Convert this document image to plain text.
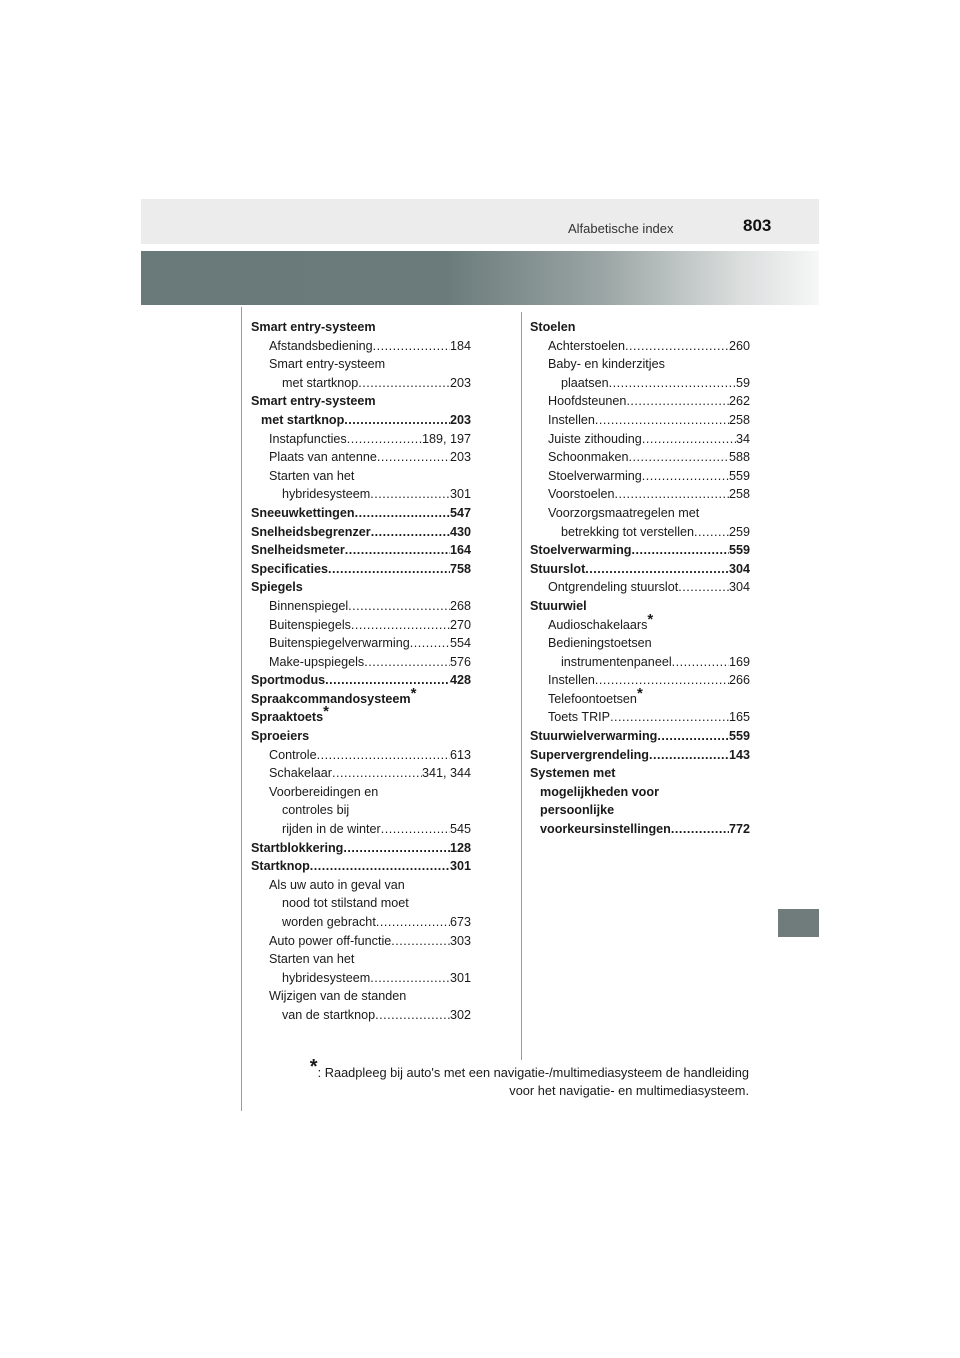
Alfabetische index	803
Smart entry-systeem
Afstandsbediening .....	184
Smart entry-systeem
met startknop .....	203
Smart entry-systeem
met startknop .....	203
Instapfuncties .....	189, 197
Plaats van antenne .....	203
Starten van het
hybridesysteem .....	301
Sneeuwkettingen .....	547
Snelheidsbegrenzer .....	430
Snelheidsmeter .....	164
Specificaties .....	758
Spiegels
Binnenspiegel .....	268
Buitenspiegels .....	270
Buitenspiegelverwarming .....	554
Make-upspiegels .....	576
Sportmodus .....	428
Spraakcommandosysteem*
Spraaktoets*
Sproeiers
Controle .....	613
Schakelaar .....	341, 344
Voorbereidingen en
controles bij
rijden in de winter .....	545
Startblokkering .....	128
Startknop .....	301
Als uw auto in geval van
nood tot stilstand moet
worden gebracht .....	673
Auto power off-functie .....	303
Starten van het
hybridesysteem .....	301
Wijzigen van de standen
van de startknop .....	302
Stoelen
Achterstoelen .....	260
Baby- en kinderzitjes
plaatsen .....	59
Hoofdsteunen .....	262
Instellen .....	258
Juiste zithouding .....	34
Schoonmaken .....	588
Stoelverwarming .....	559
Voorstoelen .....	258
Voorzorgsmaatregelen met
betrekking tot verstellen .....	259
Stoelverwarming .....	559
Stuurslot .....	304
Ontgrendeling stuurslot .....	304
Stuurwiel
Audioschakelaars*
Bedieningstoetsen
instrumentenpaneel .....	169
Instellen .....	266
Telefoontoetsen*
Toets TRIP .....	165
Stuurwielverwarming .....	559
Supervergrendeling .....	143
Systemen met
mogelijkheden voor
persoonlijke
voorkeursinstellingen .....	772
*: Raadpleeg bij auto's met een navigatie-/multimediasysteem de handleiding
voor het navigatie- en multimediasysteem.
